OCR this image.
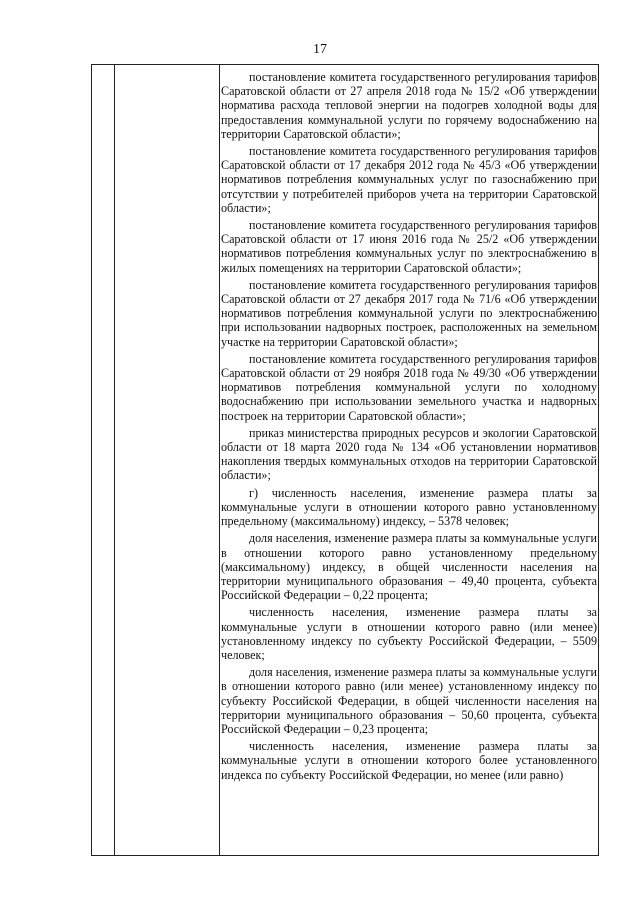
17

постановление комитета государственного регулирования тарифов Саратовской области от 27 апреля 2018 года № 15/2 «Об утверждении норматива расхода тепловой энергии на подогрев холодной воды для предоставления коммунальной услуги по горячему водоснабжению на территории Саратовской области»;

постановление комитета государственного регулирования тарифов Саратовской области от 17 декабря 2012 года № 45/3 «Об утверждении нормативов потребления коммунальных услуг по газоснабжению при отсутствии у потребителей приборов учета на территории Саратовской области»;

постановление комитета государственного регулирования тарифов Саратовской области от 17 июня 2016 года № 25/2 «Об утверждении нормативов потребления коммунальных услуг по электроснабжению в жилых помещениях на территории Саратовской области»;

постановление комитета государственного регулирования тарифов Саратовской области от 27 декабря 2017 года № 71/6 «Об утверждении нормативов потребления коммунальной услуги по электроснабжению при использовании надворных построек, расположенных на земельном участке на территории Саратовской области»;

постановление комитета государственного регулирования тарифов Саратовской области от 29 ноября 2018 года № 49/30 «Об утверждении нормативов потребления коммунальной услуги по холодному водоснабжению при использовании земельного участка и надворных построек на территории Саратовской области»;

приказ министерства природных ресурсов и экологии Саратовской области от 18 марта 2020 года № 134 «Об установлении нормативов накопления твердых коммунальных отходов на территории Саратовской области»;

г) численность населения, изменение размера платы за коммунальные услуги в отношении которого равно установленному предельному (максимальному) индексу, – 5378 человек;

доля населения, изменение размера платы за коммунальные услуги в отношении которого равно установленному предельному (максимальному) индексу, в общей численности населения на территории муниципального образования – 49,40 процента, субъекта Российской Федерации – 0,22 процента;

численность населения, изменение размера платы за коммунальные услуги в отношении которого равно (или менее) установленному индексу по субъекту Российской Федерации, – 5509 человек;

доля населения, изменение размера платы за коммунальные услуги в отношении которого равно (или менее) установленному индексу по субъекту Российской Федерации, в общей численности населения на территории муниципального образования – 50,60 процента, субъекта Российской Федерации – 0,23 процента;

численность населения, изменение размера платы за коммунальные услуги в отношении которого более установленного индекса по субъекту Российской Федерации, но менее (или равно)
